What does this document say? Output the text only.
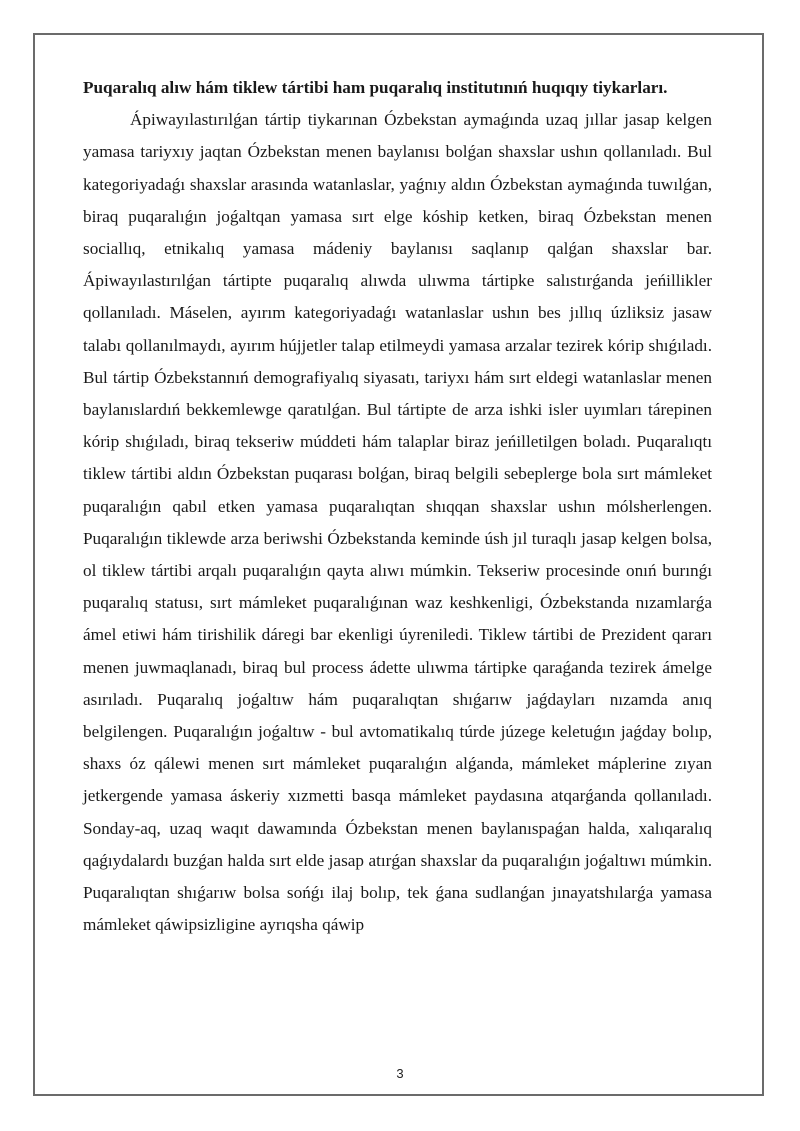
Puqaralıq alıw hám tiklew tártibi ham puqaralıq institutınıń huqıqıy tiykarları.

Ápiwayılastırılǵan tártip tiykarınan Ózbekstan aymaǵında uzaq jıllar jasap kelgen yamasa tariyxıy jaqtan Ózbekstan menen baylanısı bolǵan shaxslar ushın qollanıladı. Bul kategoriyadaǵı shaxslar arasında watanlaslar, yaǵnıy aldın Ózbekstan aymaǵında tuwılǵan, biraq puqaralıǵın joǵaltqan yamasa sırt elge kóship ketken, biraq Ózbekstan menen sociallıq, etnikalıq yamasa mádeniy baylanısı saqlanıp qalǵan shaxslar bar. Ápiwayılastırılǵan tártipte puqaralıq alıwda ulıwma tártipke salıstırǵanda jeńillikler qollanıladı. Máselen, ayırım kategoriyadaǵı watanlaslar ushın bes jıllıq úzliksiz jasaw talabı qollanılmaydı, ayırım hújjetler talap etilmeydi yamasa arzalar tezirek kórip shıǵıladı. Bul tártip Ózbekstannıń demografiyalıq siyasatı, tariyxı hám sırt eldegi watanlaslar menen baylanıslardıń bekkemlewge qaratılǵan. Bul tártipte de arza ishki isler uyımları tárepinen kórip shıǵıladı, biraq tekseriw múddeti hám talaplar biraz jeńilletilgen boladı. Puqaralıqtı tiklew tártibi aldın Ózbekstan puqarası bolǵan, biraq belgili sebeplerge bola sırt mámleket puqaralıǵın qabıl etken yamasa puqaralıqtan shıqqan shaxslar ushın mólsherlengen. Puqaralıǵın tiklewde arza beriwshi Ózbekstanda keminde úsh jıl turaqlı jasap kelgen bolsa, ol tiklew tártibi arqalı puqaralıǵın qayta alıwı múmkin. Tekseriw procesinde onıń burınǵı puqaralıq statusı, sırt mámleket puqaralıǵınan waz keshkenligi, Ózbekstanda nızamlarǵa ámel etiwi hám tirishilik dáregi bar ekenligi úyreniledi. Tiklew tártibi de Prezident qararı menen juwmaqlanadı, biraq bul process ádette ulıwma tártipke qaraǵanda tezirek ámelge asırıladı. Puqaralıq joǵaltıw hám puqaralıqtan shıǵarıw jaǵdayları nızamda anıq belgilengen. Puqaralıǵın joǵaltıw - bul avtomatikalıq túrde júzege keletuǵın jaǵday bolıp, shaxs óz qálewi menen sırt mámleket puqaralıǵın alǵanda, mámleket máplerine zıyan jetkergende yamasa áskeriy xızmetti basqa mámleket paydasına atqarǵanda qollanıladı. Sonday-aq, uzaq waqıt dawamında Ózbekstan menen baylanıspaǵan halda, xalıqaralıq qaǵıydalardı buzǵan halda sırt elde jasap atırǵan shaxslar da puqaralıǵın joǵaltıwı múmkin. Puqaralıqtan shıǵarıw bolsa sońǵı ilaj bolıp, tek ǵana sudlanǵan jınayatshılarǵa yamasa mámleket qáwipsizligine ayrıqsha qáwip

3
